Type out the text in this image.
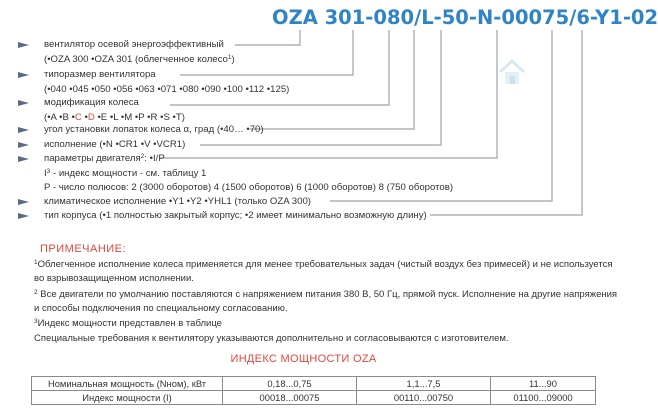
OZA 301-080/L-50-N-00075/6-Y1-02
вентилятор осевой энергоэффективный
(•OZA 300 •OZA 301 (облегченное колесо$^1$)
типоразмер вентилятора
(•040 •045 •050 •056 •063 •071 •080 •090 •100 •112 •125)
модификация колеса
(•A •B •C •D •E •L •M •P •R •S •T)
угол установки лопаток колеса α, град (•40… •70)
исполнение (•N •CR1 •V •VCR1)
параметры двигателя$^2$: •I/P
$I^3$ - индекс мощности - см. таблицу 1
P - число полюсов: 2 (3000 оборотов) 4 (1500 оборотов) 6 (1000 оборотов) 8 (750 оборотов)
климатическое исполнение •Y1 •Y2 •YHL1 (только OZA 300)
тип корпуса (•1 полностью закрытый корпус; •2 имеет минимально возможную длину)
ПРИМЕЧАНИЕ:
$^1$Облегченное исполнение колеса применяется для менее требовательных задач (чистый воздух без примесей) и не используется
во взрывозащищенном исполнении.
$^2$ Все двигатели по умолчанию поставляются с напряжением питания 380 В, 50 Гц, прямой пуск. Исполнение на другие напряжения
и способы подключения по специальному согласованию.
$^3$Индекс мощности представлен в таблице
Специальные требования к вентилятору указываются дополнительно и согласовываются с изготовителем.
ИНДЕКС МОЩНОСТИ OZA
Номинальная мощность (Nном), кВт	0,18...0,75	1,1...7,5	11...90
Индекс мощности (I)	00018...00075	00110...00750	01100...09000
